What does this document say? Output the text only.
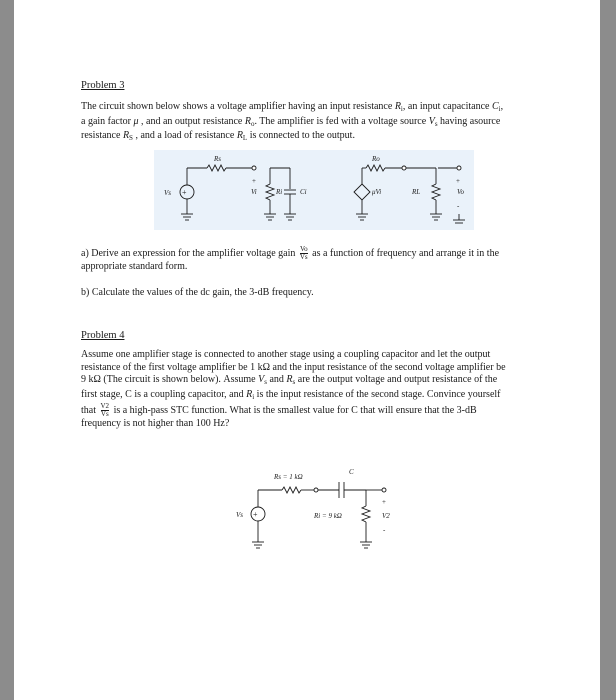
Problem 3
The circuit shown below shows a voltage amplifier having an input resistance $R_i$, an input capacitance $C_i$,
a gain factor μ , and an output resistance $R_o$. The amplifier is fed with a voltage source $V_s$ having asource
resistance $R_S$ , and a load of resistance $R_L$ is connected to the output.
+
Vs
Rs
+
Vi	Ri	Ci	μVi
Ro
RL
+
Vo
-
a) Derive an expression for the amplifier voltage gain $\frac{Vo}{Vs}$ as a function of frequency and arrange it in the
appropriate standard form.
b) Calculate the values of the dc gain, the 3-dB frequency.
Problem 4
Assume one amplifier stage is connected to another stage using a coupling capacitor and let the output
resistance of the first voltage amplifier be 1 kΩ and the input resistance of the second voltage amplifier be
9 kΩ (The circuit is shown below). Assume $V_s$ and $R_s$ are the output voltage and output resistance of the
first stage, C is a coupling capacitor, and $R_i$ is the input resistance of the second stage. Convince yourself
that $\frac{V2}{Vs}$ is a high-pass STC function. What is the smallest value for C that will ensure that the 3-dB
frequency is not higher than 100 Hz?
+
Vs
Rs = 1 kΩ
C
Ri = 9 kΩ
+
V2
-
